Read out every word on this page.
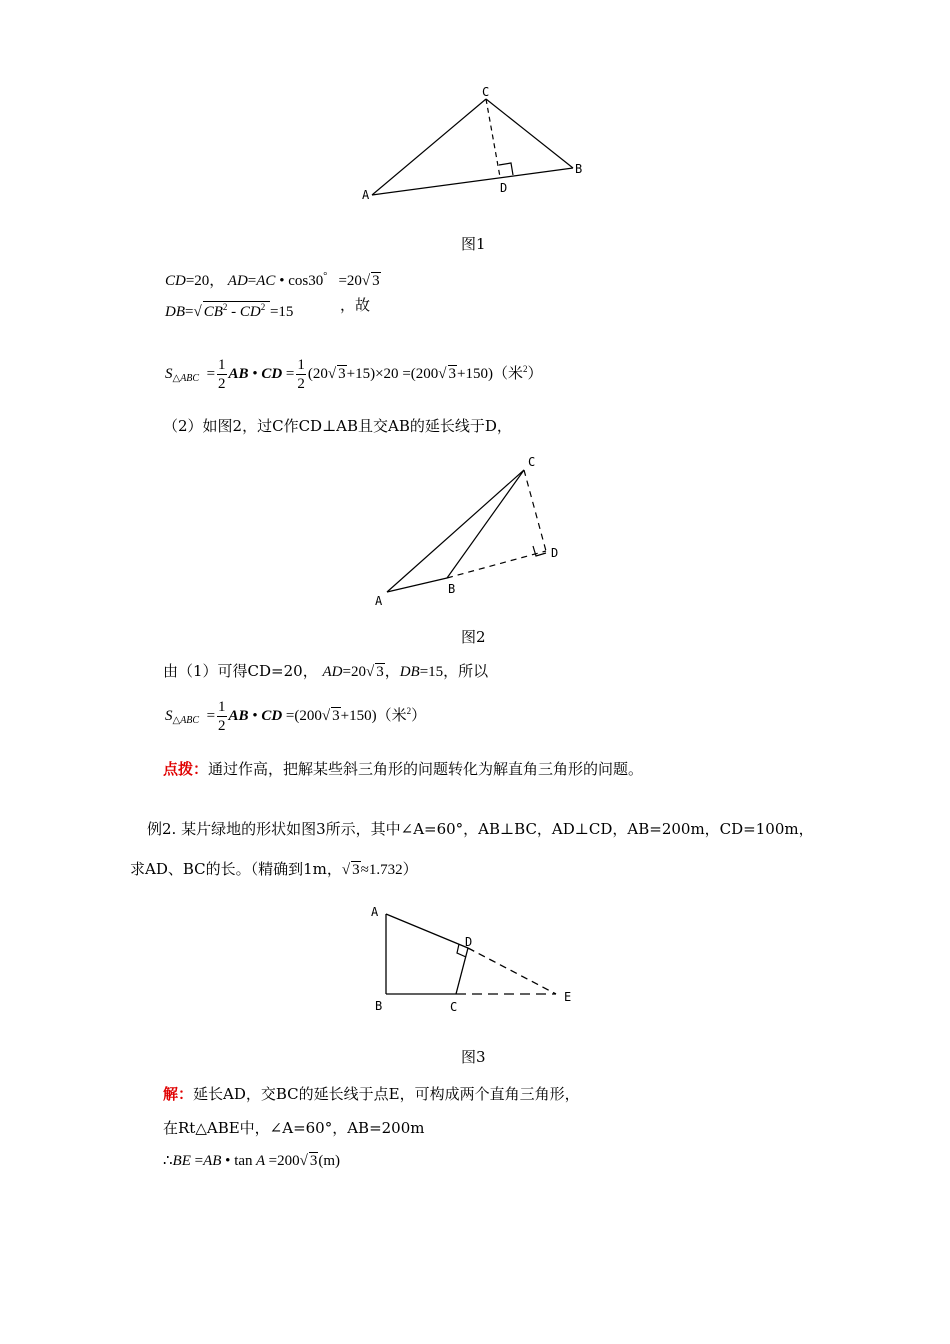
C
B
D
A
图1
CD=20， AD=AC • cos30° =20√ 3
DB=√ $CB^2 - CD^2 =15$	，故
$S_{\triangle ABC} = \frac{1}{2}$ AB • CD = $\frac{1}{2} (20√$ 3+15)×20 =(200√ 3+150)（米$^2$）
（2）如图2，过C作CD⊥AB且交AB的延长线于D，
C
D
B
A
图2
由（1）可得CD=20， AD=20√ 3，DB=15，所以
$S_{\triangle ABC} = \frac{1}{2}$ AB • CD =(200√ 3+150)（米$^2$）
点拨：通过作高，把解某些斜三角形的问题转化为解直角三角形的问题。
例2. 某片绿地的形状如图3所示，其中∠A=60°，AB⊥BC，AD⊥CD，AB=200m，CD=100m，
求AD、BC的长。（精确到1m，√ 3≈1.732）
A
D
B	C
E
图3
解：延长AD，交BC的延长线于点E，可构成两个直角三角形，
在Rt△ABE中，∠A=60°，AB=200m
∴BE =AB • tan A =200√ 3(m)
